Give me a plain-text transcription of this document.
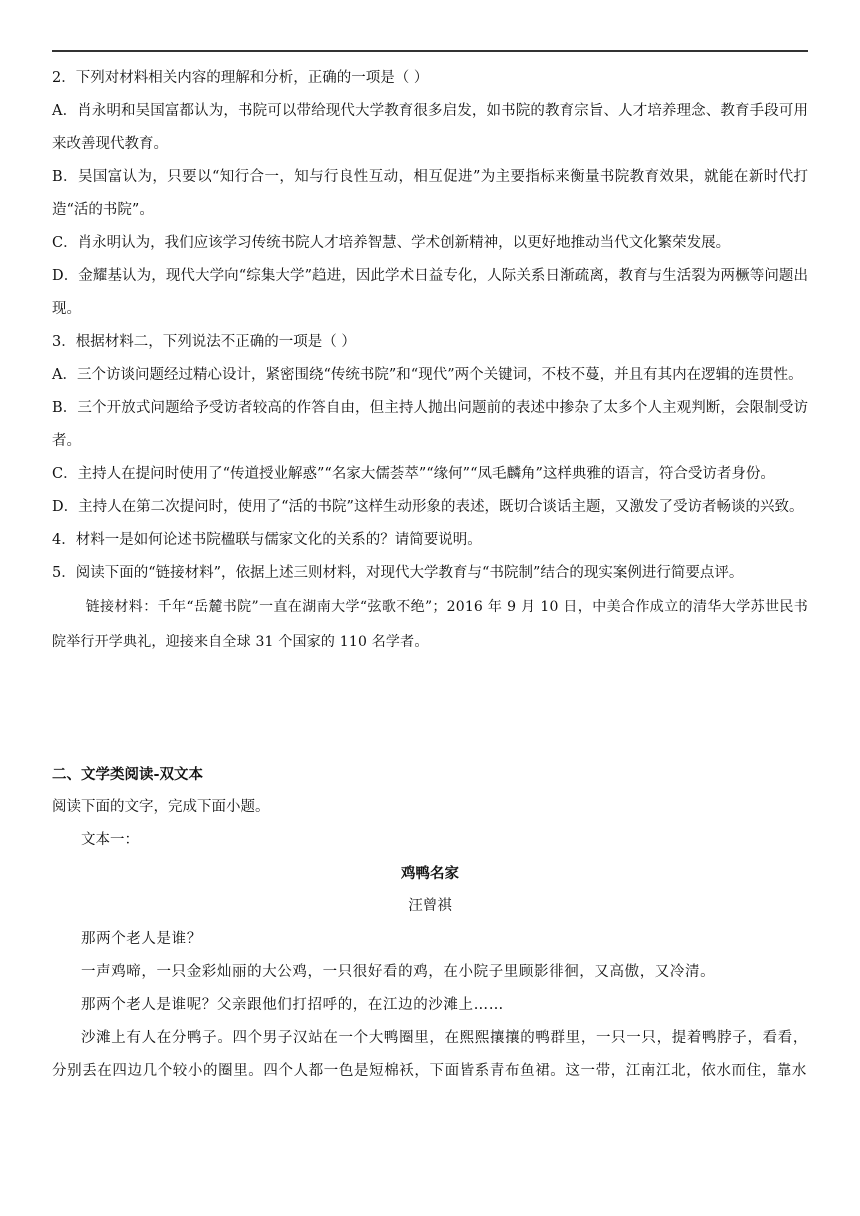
2．下列对材料相关内容的理解和分析，正确的一项是（ ）

A．肖永明和吴国富都认为，书院可以带给现代大学教育很多启发，如书院的教育宗旨、人才培养理念、教育手段可用来改善现代教育。

B．吴国富认为，只要以“知行合一，知与行良性互动，相互促进”为主要指标来衡量书院教育效果，就能在新时代打造“活的书院”。

C．肖永明认为，我们应该学习传统书院人才培养智慧、学术创新精神，以更好地推动当代文化繁荣发展。

D．金耀基认为，现代大学向“综集大学”趋进，因此学术日益专化，人际关系日渐疏离，教育与生活裂为两橛等问题出现。

3．根据材料二，下列说法不正确的一项是（ ）

A．三个访谈问题经过精心设计，紧密围绕“传统书院”和“现代”两个关键词，不枝不蔓，并且有其内在逻辑的连贯性。

B．三个开放式问题给予受访者较高的作答自由，但主持人抛出问题前的表述中掺杂了太多个人主观判断，会限制受访者。

C．主持人在提问时使用了“传道授业解惑”“名家大儒荟萃”“缘何”“凤毛麟角”这样典雅的语言，符合受访者身份。

D．主持人在第二次提问时，使用了“活的书院”这样生动形象的表述，既切合谈话主题，又激发了受访者畅谈的兴致。

4．材料一是如何论述书院楹联与儒家文化的关系的？请简要说明。

5．阅读下面的“链接材料”，依据上述三则材料，对现代大学教育与“书院制”结合的现实案例进行简要点评。

链接材料：千年“岳麓书院”一直在湖南大学“弦歌不绝”；2016 年 9 月 10 日，中美合作成立的清华大学苏世民书院举行开学典礼，迎接来自全球 31 个国家的 110 名学者。

二、文学类阅读-双文本

阅读下面的文字，完成下面小题。

文本一：

鸡鸭名家

汪曾祺

那两个老人是谁？

一声鸡啼，一只金彩灿丽的大公鸡，一只很好看的鸡，在小院子里顾影徘徊，又高傲，又冷清。

那两个老人是谁呢？父亲跟他们打招呼的，在江边的沙滩上……

沙滩上有人在分鸭子。四个男子汉站在一个大鸭圈里，在熙熙攘攘的鸭群里，一只一只，提着鸭脖子，看看，分别丢在四边几个较小的圈里。四个人都一色是短棉袄，下面皆系青布鱼裙。这一带，江南江北，依水而住，靠水
